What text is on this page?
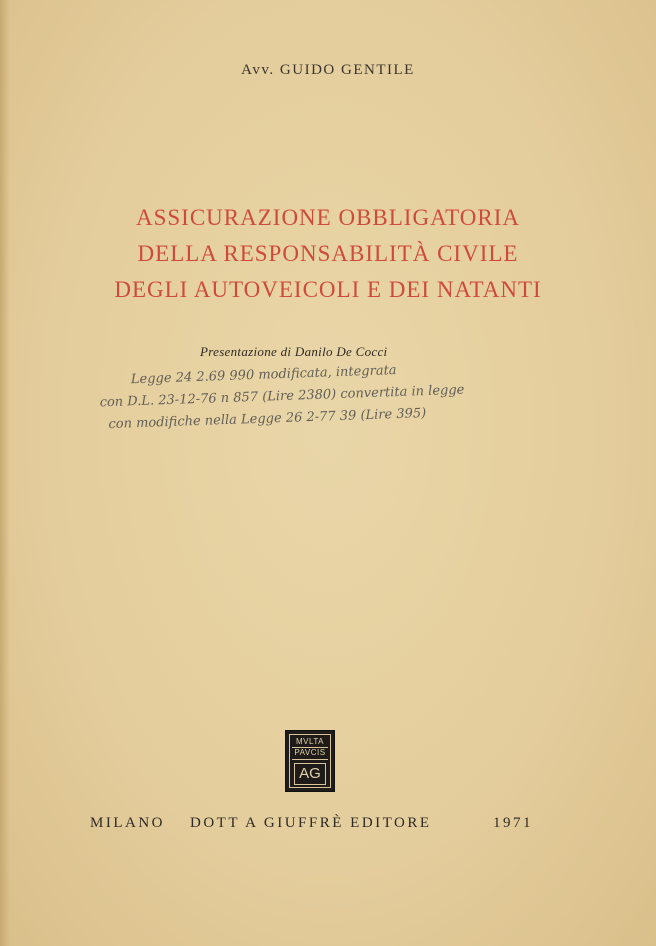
Avv. GUIDO GENTILE
ASSICURAZIONE OBBLIGATORIA
DELLA RESPONSABILITÀ CIVILE
DEGLI AUTOVEICOLI E DEI NATANTI
Presentazione di Danilo De Cocci
Legge 24 2.69 990 modificata, integrata
con D.L. 23-12-76 n 857 (Lire 2380) convertita in legge
con modifiche nella Legge 26 2-77 39 (Lire 395)
MVLTA
PAVCIS
AG
MILANO DOTT A GIUFFRÈ EDITORE	1971
